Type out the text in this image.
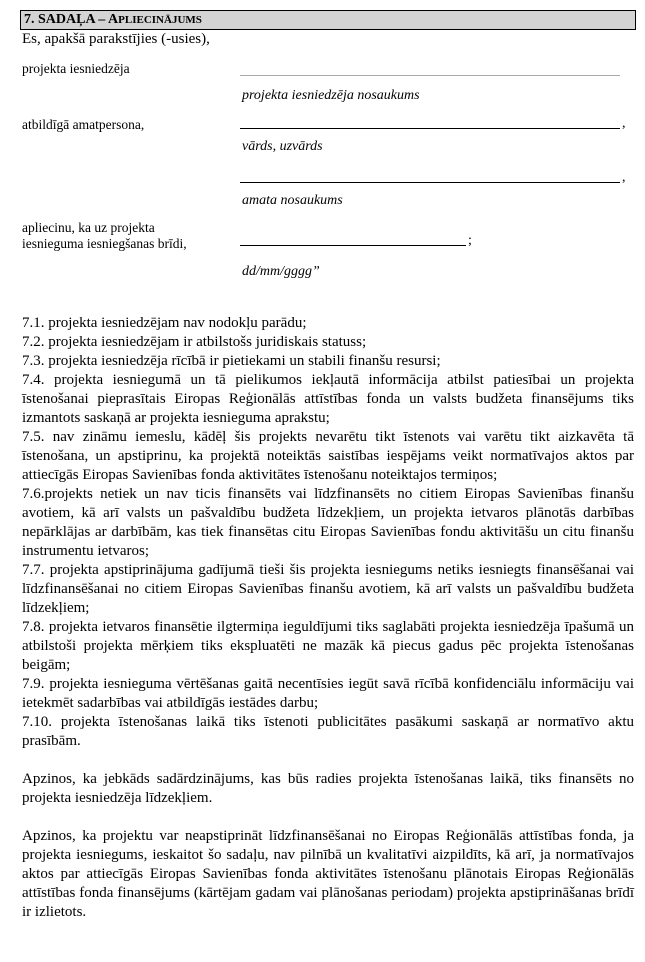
7. SADAĻA – APLIECINĀJUMS
Es, apakšā parakstījies (-usies),
projekta iesniedzēja
projekta iesniedzēja nosaukums
atbildīgā amatpersona,	,
vārds, uzvārds
,
amata nosaukums
apliecinu, ka uz projekta
iesnieguma iesniegšanas brīdi,	;
dd/mm/gggg”

7.1. projekta iesniedzējam nav nodokļu parādu;

7.2. projekta iesniedzējam ir atbilstošs juridiskais statuss;

7.3. projekta iesniedzēja rīcībā ir pietiekami un stabili finanšu resursi;

7.4. projekta iesniegumā un tā pielikumos iekļautā informācija atbilst patiesībai un projekta īstenošanai pieprasītais Eiropas Reģionālās attīstības fonda un valsts budžeta finansējums tiks izmantots saskaņā ar projekta iesnieguma aprakstu;

7.5. nav zināmu iemeslu, kādēļ šis projekts nevarētu tikt īstenots vai varētu tikt aizkavēta tā īstenošana, un apstiprinu, ka projektā noteiktās saistības iespējams veikt normatīvajos aktos par attiecīgās Eiropas Savienības fonda aktivitātes īstenošanu noteiktajos termiņos;

7.6.projekts netiek un nav ticis finansēts vai līdzfinansēts no citiem Eiropas Savienības finanšu avotiem, kā arī valsts un pašvaldību budžeta līdzekļiem, un projekta ietvaros plānotās darbības nepārklājas ar darbībām, kas tiek finansētas citu Eiropas Savienības fondu aktivitāšu un citu finanšu instrumentu ietvaros;

7.7. projekta apstiprinājuma gadījumā tieši šis projekta iesniegums netiks iesniegts finansēšanai vai līdzfinansēšanai no citiem Eiropas Savienības finanšu avotiem, kā arī valsts un pašvaldību budžeta līdzekļiem;

7.8. projekta ietvaros finansētie ilgtermiņa ieguldījumi tiks saglabāti projekta iesniedzēja īpašumā un atbilstoši projekta mērķiem tiks ekspluatēti ne mazāk kā piecus gadus pēc projekta īstenošanas beigām;

7.9. projekta iesnieguma vērtēšanas gaitā necentīsies iegūt savā rīcībā konfidenciālu informāciju vai ietekmēt sadarbības vai atbildīgās iestādes darbu;

7.10. projekta īstenošanas laikā tiks īstenoti publicitātes pasākumi saskaņā ar normatīvo aktu prasībām.

Apzinos, ka jebkāds sadārdzinājums, kas būs radies projekta īstenošanas laikā, tiks finansēts no projekta iesniedzēja līdzekļiem.

Apzinos, ka projektu var neapstiprināt līdzfinansēšanai no Eiropas Reģionālās attīstības fonda, ja projekta iesniegums, ieskaitot šo sadaļu, nav pilnībā un kvalitatīvi aizpildīts, kā arī, ja normatīvajos aktos par attiecīgās Eiropas Savienības fonda aktivitātes īstenošanu plānotais Eiropas Reģionālās attīstības fonda finansējums (kārtējam gadam vai plānošanas periodam) projekta apstiprināšanas brīdī ir izlietots.
